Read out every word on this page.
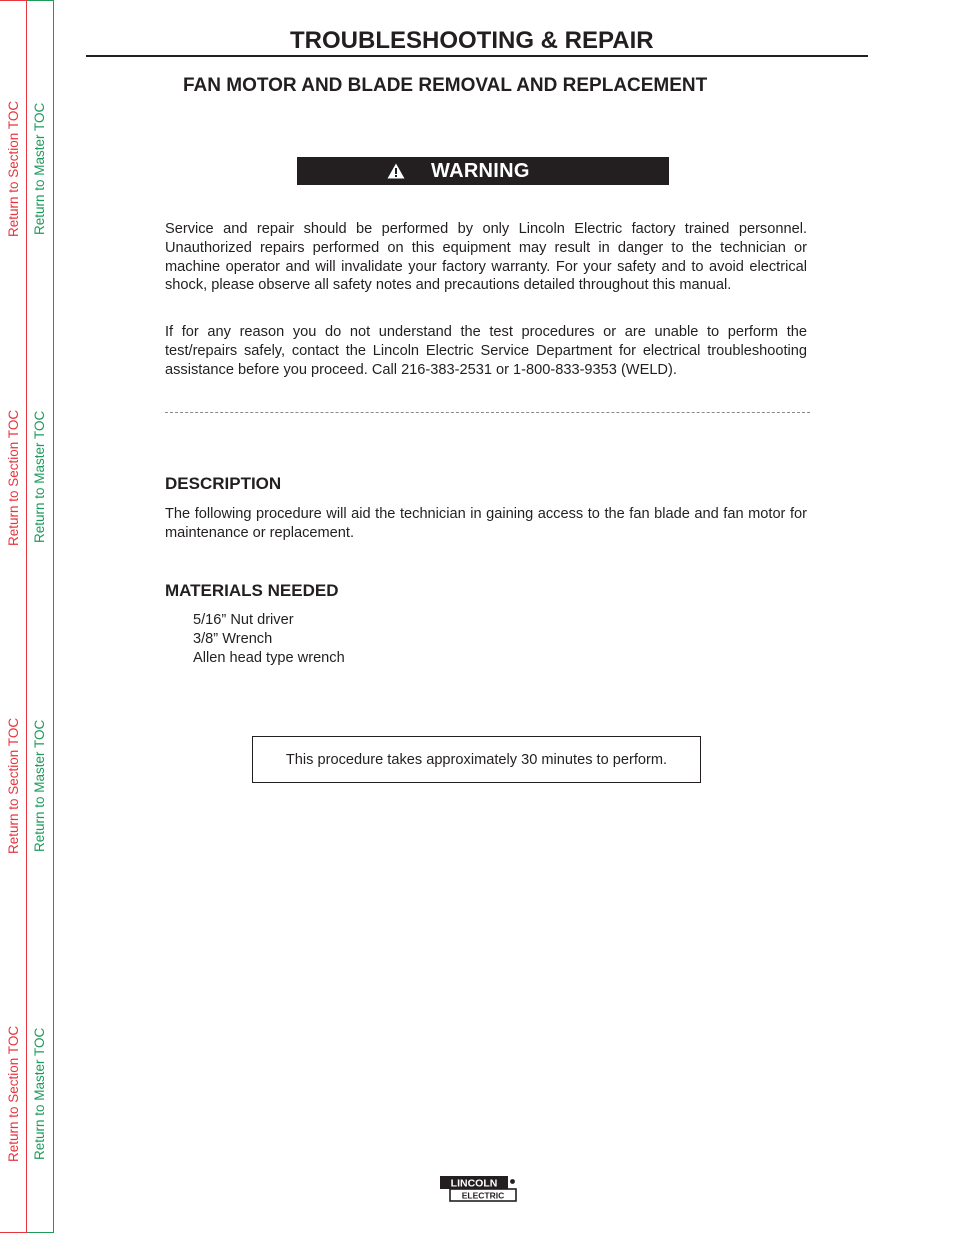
Return to Section TOC Return to Master TOC
Return to Section TOC Return to Master TOC
Return to Section TOC Return to Master TOC
Return to Section TOC Return to Master TOC
TROUBLESHOOTING & REPAIR
FAN MOTOR AND BLADE REMOVAL AND REPLACEMENT
WARNING

Service and repair should be performed by only Lincoln Electric factory trained personnel. Unauthorized repairs performed on this equipment may result in danger to the technician or machine operator and will invalidate your factory warranty. For your safety and to avoid electrical shock, please observe all safety notes and precautions detailed throughout this manual.

If for any reason you do not understand the test procedures or are unable to perform the test/repairs safely, contact the Lincoln Electric Service Department for electrical troubleshooting assistance before you proceed. Call 216-383-2531 or 1-800-833-9353 (WELD).

DESCRIPTION

The following procedure will aid the technician in gaining access to the fan blade and fan motor for maintenance or replacement.

MATERIALS NEEDED
5/16” Nut driver
3/8” Wrench
Allen head type wrench
This procedure takes approximately 30 minutes to perform.
LINCOLN
ELECTRIC
